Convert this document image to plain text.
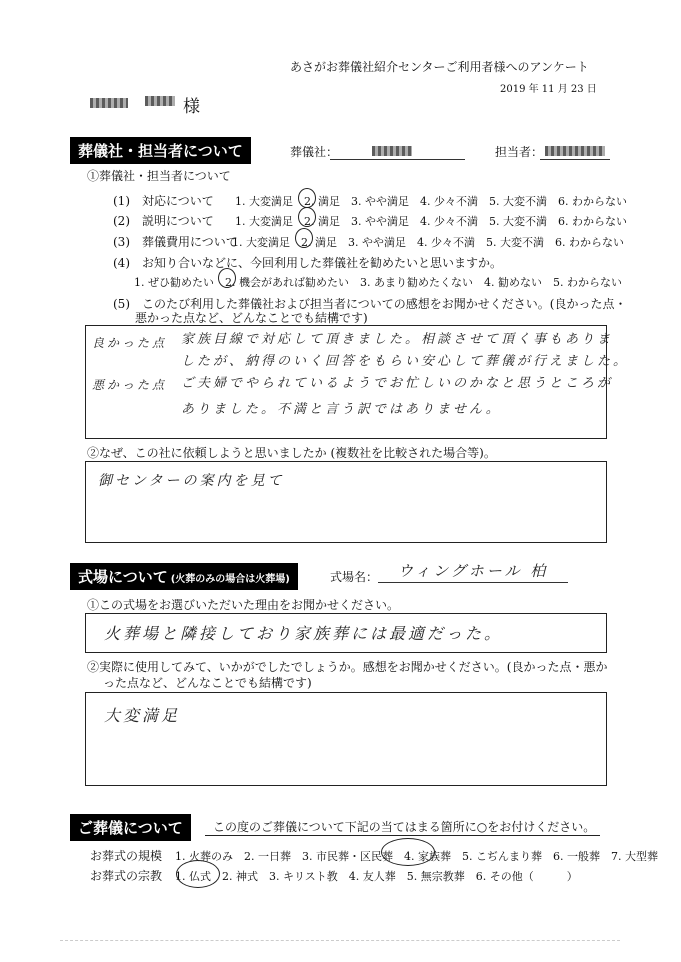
あさがお葬儀社紹介センターご利用者様へのアンケート
2019 年 11 月 23 日
様
葬儀社・担当者について	葬儀社：	担当者：
①葬儀社・担当者について
(1)　対応について 1. 大変満足　2. 満足　3. やや満足　4. 少々不満　5. 大変不満　6. わからない
(2)　説明について 1. 大変満足　2. 満足　3. やや満足　4. 少々不満　5. 大変不満　6. わからない
(3)　葬儀費用について
1. 大変満足　2. 満足　3. やや満足　4. 少々不満　5. 大変不満　6. わからない
(4)　お知り合いなどに、今回利用した葬儀社を勧めたいと思いますか。
1. ぜひ勧めたい　2. 機会があれば勧めたい　3. あまり勧めたくない　4. 勧めない　5. わからない
(5)　このたび利用した葬儀社および担当者についての感想をお聞かせください。(良かった点・
悪かった点など、どんなことでも結構です)
良かった点 家族目線で対応して頂きました。相談させて頂く事もありま
したが、納得のいく回答をもらい安心して葬儀が行えました。
悪かった点 ご夫婦でやられているようでお忙しいのかなと思うところが
ありました。不満と言う訳ではありません。
②なぜ、この社に依頼しようと思いましたか (複数社を比較された場合等)。
御センターの案内を見て
式場について (火葬のみの場合は火葬場)	式場名： ウィングホール 柏
①この式場をお選びいただいた理由をお聞かせください。
火葬場と隣接しており家族葬には最適だった。
②実際に使用してみて、いかがでしたでしょうか。感想をお聞かせください。(良かった点・悪か
った点など、どんなことでも結構です)
大変満足
ご葬儀について	この度のご葬儀について下記の当てはまる箇所に○をお付けください。
お葬式の規模 1. 火葬のみ　2. 一日葬　3. 市民葬・区民葬　4. 家族葬　5. こぢんまり葬　6. 一般葬　7. 大型葬
お葬式の宗教 1. 仏式　2. 神式　3. キリスト教　4. 友人葬　5. 無宗教葬　6. その他（　　　）
